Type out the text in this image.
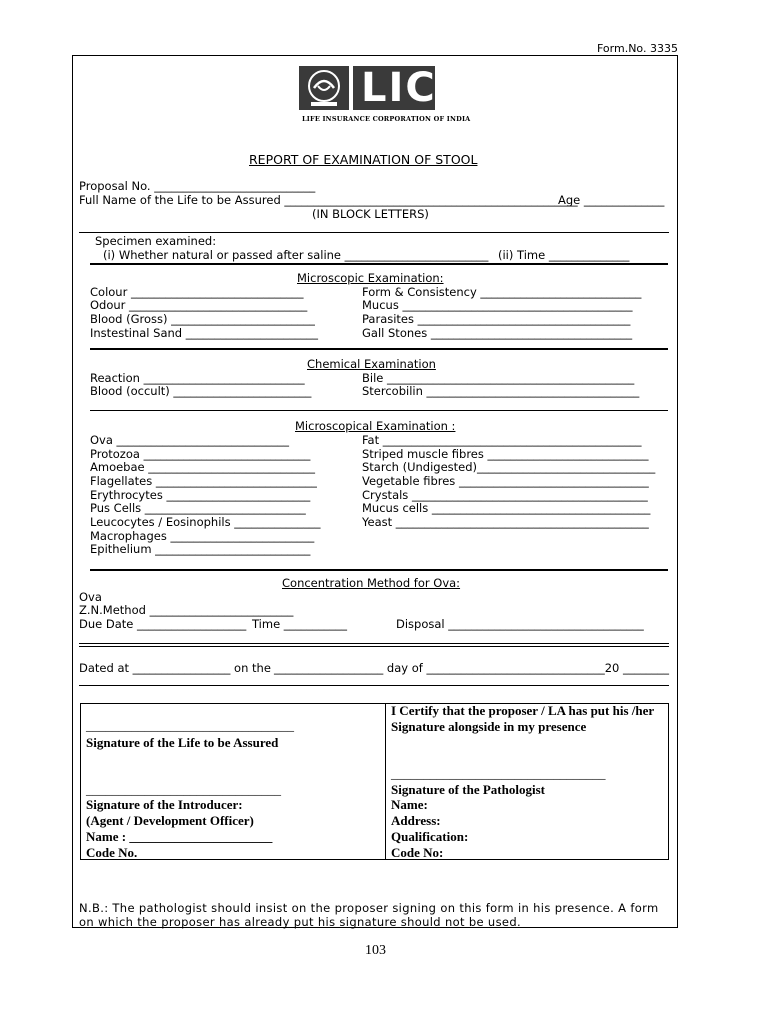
Form.No. 3335
LIC
LIFE INSURANCE CORPORATION OF INDIA
REPORT OF EXAMINATION OF STOOL
Proposal No. ____________________________
Full Name of the Life to be Assured ___________________________________________________
Age ______________
(IN BLOCK LETTERS)
Specimen examined:
(i) Whether natural or passed after saline _________________________ (ii) Time ______________
Microscopic Examination:
Colour ______________________________
Odour _______________________________
Blood (Gross) _________________________
Instestinal Sand _______________________
Form & Consistency ____________________________
Mucus ________________________________________
Parasites _____________________________________
Gall Stones ___________________________________
Chemical Examination
Reaction ____________________________
Blood (occult) ________________________
Bile ___________________________________________
Stercobilin _____________________________________
Microscopical Examination :
Ova ______________________________
Protozoa _____________________________
Amoebae _____________________________
Flagellates ____________________________
Erythrocytes _________________________
Pus Cells ____________________________
Leucocytes / Eosinophils _______________
Macrophages _________________________
Epithelium ___________________________
Fat _____________________________________________
Striped muscle fibres ____________________________
Starch (Undigested)_______________________________
Vegetable fibres _________________________________
Crystals _________________________________________
Mucus cells ______________________________________
Yeast ____________________________________________
Concentration Method for Ova:
Ova
Z.N.Method _________________________
Due Date ___________________ Time ___________	Disposal __________________________________
Dated at _________________ on the ___________________ day of _______________________________20 ________
________________________________
Signature of the Life to be Assured
______________________________
Signature of the Introducer:
(Agent / Development Officer)
Name : ______________________
Code No.
I Certify that the proposer / LA has put his /her
Signature alongside in my presence
_________________________________
Signature of the Pathologist
Name:
Address:
Qualification:
Code No:
N.B.: The pathologist should insist on the proposer signing on this form in his presence. A form
on which the proposer has already put his signature should not be used.
103
